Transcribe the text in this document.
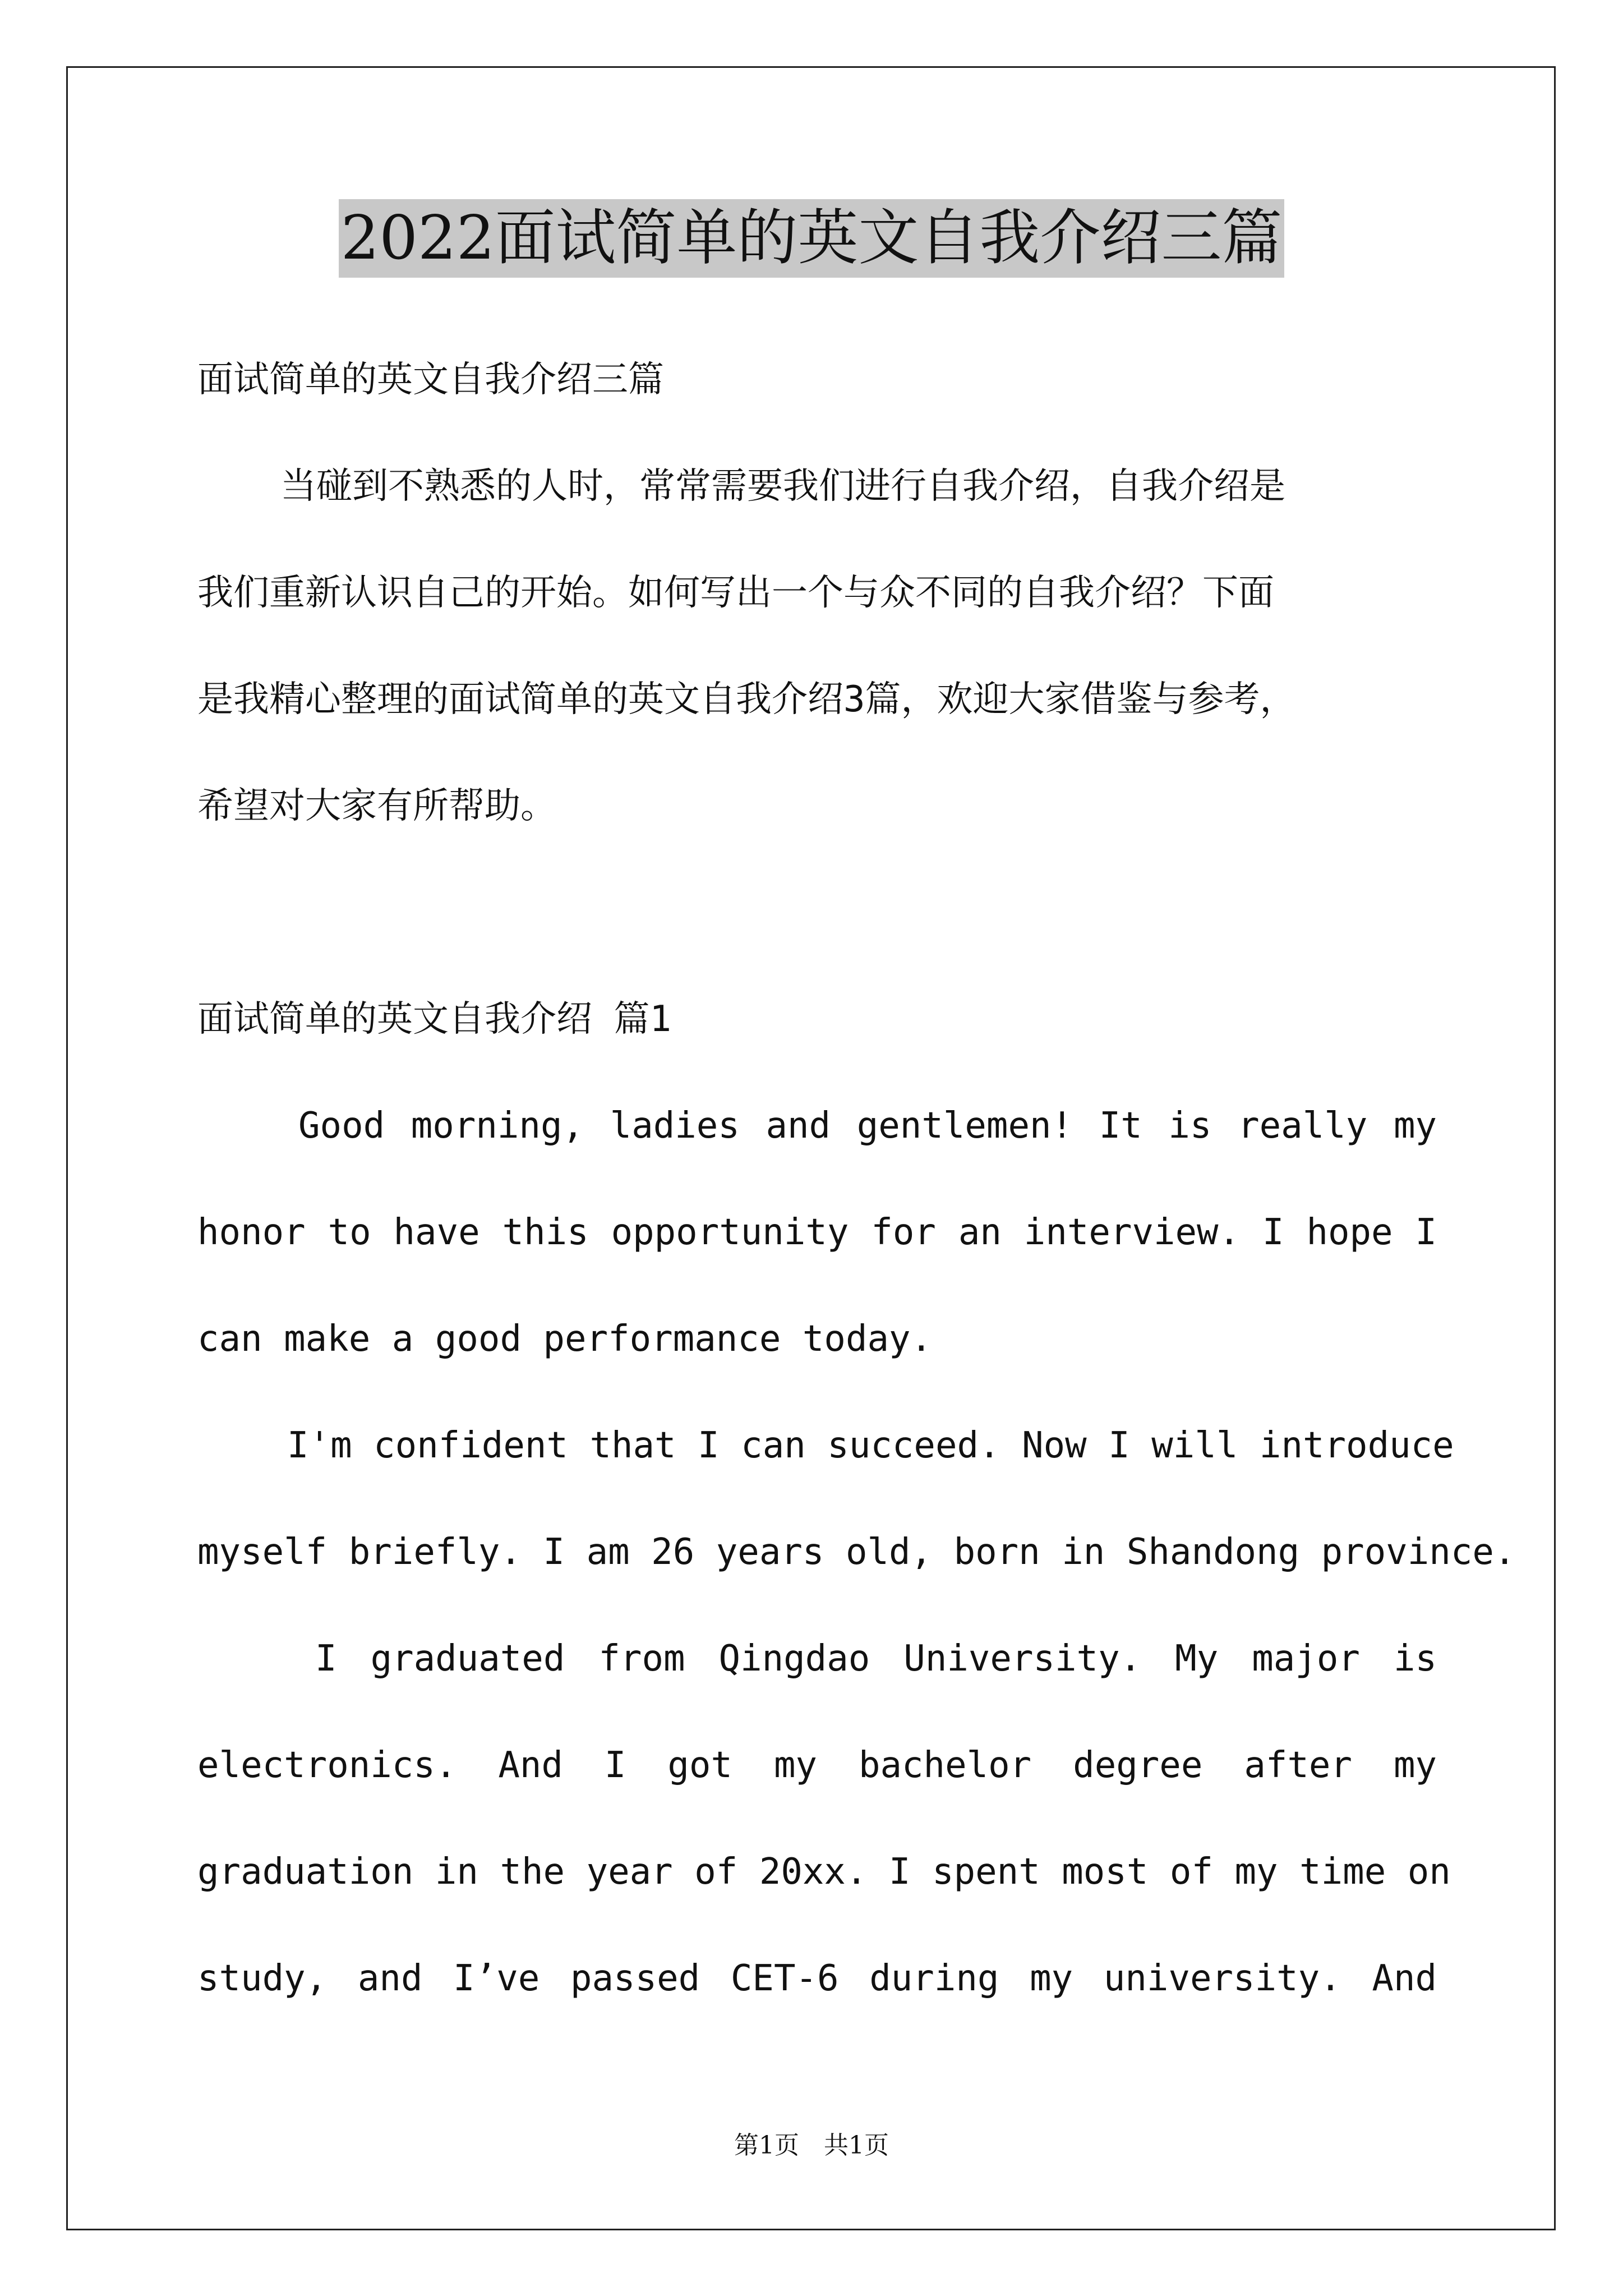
2022面试简单的英文自我介绍三篇
面试简单的英文自我介绍三篇
当碰到不熟悉的人时，常常需要我们进行自我介绍，自我介绍是
我们重新认识自己的开始。如何写出一个与众不同的自我介绍？下面
是我精心整理的面试简单的英文自我介绍3篇，欢迎大家借鉴与参考，
希望对大家有所帮助。
面试简单的英文自我介绍 篇1
Good morning, ladies and gentlemen! It is really my
honor to have this opportunity for an interview. I hope I
can make a good performance today.
I'm confident that I can succeed. Now I will introduce
myself briefly. I am 26 years old, born in Shandong province.
I graduated from Qingdao University. My major is
electronics. And I got my bachelor degree after my
graduation in the year of 20xx. I spent most of my time on
study, and I’ve passed CET-6 during my university. And
第1页　共1页
